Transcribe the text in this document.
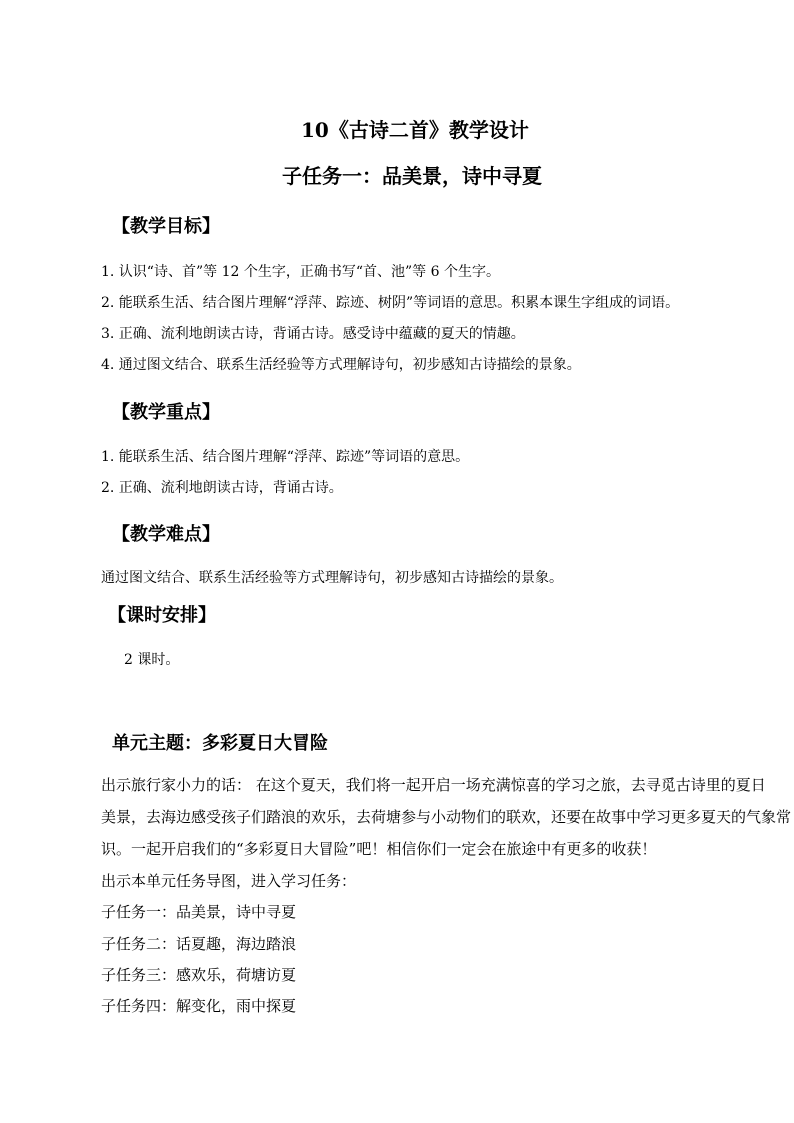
10《古诗二首》教学设计
子任务一：品美景，诗中寻夏
【教学目标】
1. 认识“诗、首”等 12 个生字，正确书写“首、池”等 6 个生字。
2. 能联系生活、结合图片理解“浮萍、踪迹、树阴”等词语的意思。积累本课生字组成的词语。
3. 正确、流利地朗读古诗，背诵古诗。感受诗中蕴藏的夏天的情趣。
4. 通过图文结合、联系生活经验等方式理解诗句，初步感知古诗描绘的景象。
【教学重点】
1. 能联系生活、结合图片理解“浮萍、踪迹”等词语的意思。
2. 正确、流利地朗读古诗，背诵古诗。
【教学难点】
通过图文结合、联系生活经验等方式理解诗句，初步感知古诗描绘的景象。
【课时安排】
2 课时。
单元主题：多彩夏日大冒险
出示旅行家小力的话： 在这个夏天，我们将一起开启一场充满惊喜的学习之旅，去寻觅古诗里的夏日
美景，去海边感受孩子们踏浪的欢乐，去荷塘参与小动物们的联欢，还要在故事中学习更多夏天的气象常
识。一起开启我们的“多彩夏日大冒险”吧！相信你们一定会在旅途中有更多的收获！
出示本单元任务导图，进入学习任务：
子任务一：品美景，诗中寻夏
子任务二：话夏趣，海边踏浪
子任务三：感欢乐，荷塘访夏
子任务四：解变化，雨中探夏
